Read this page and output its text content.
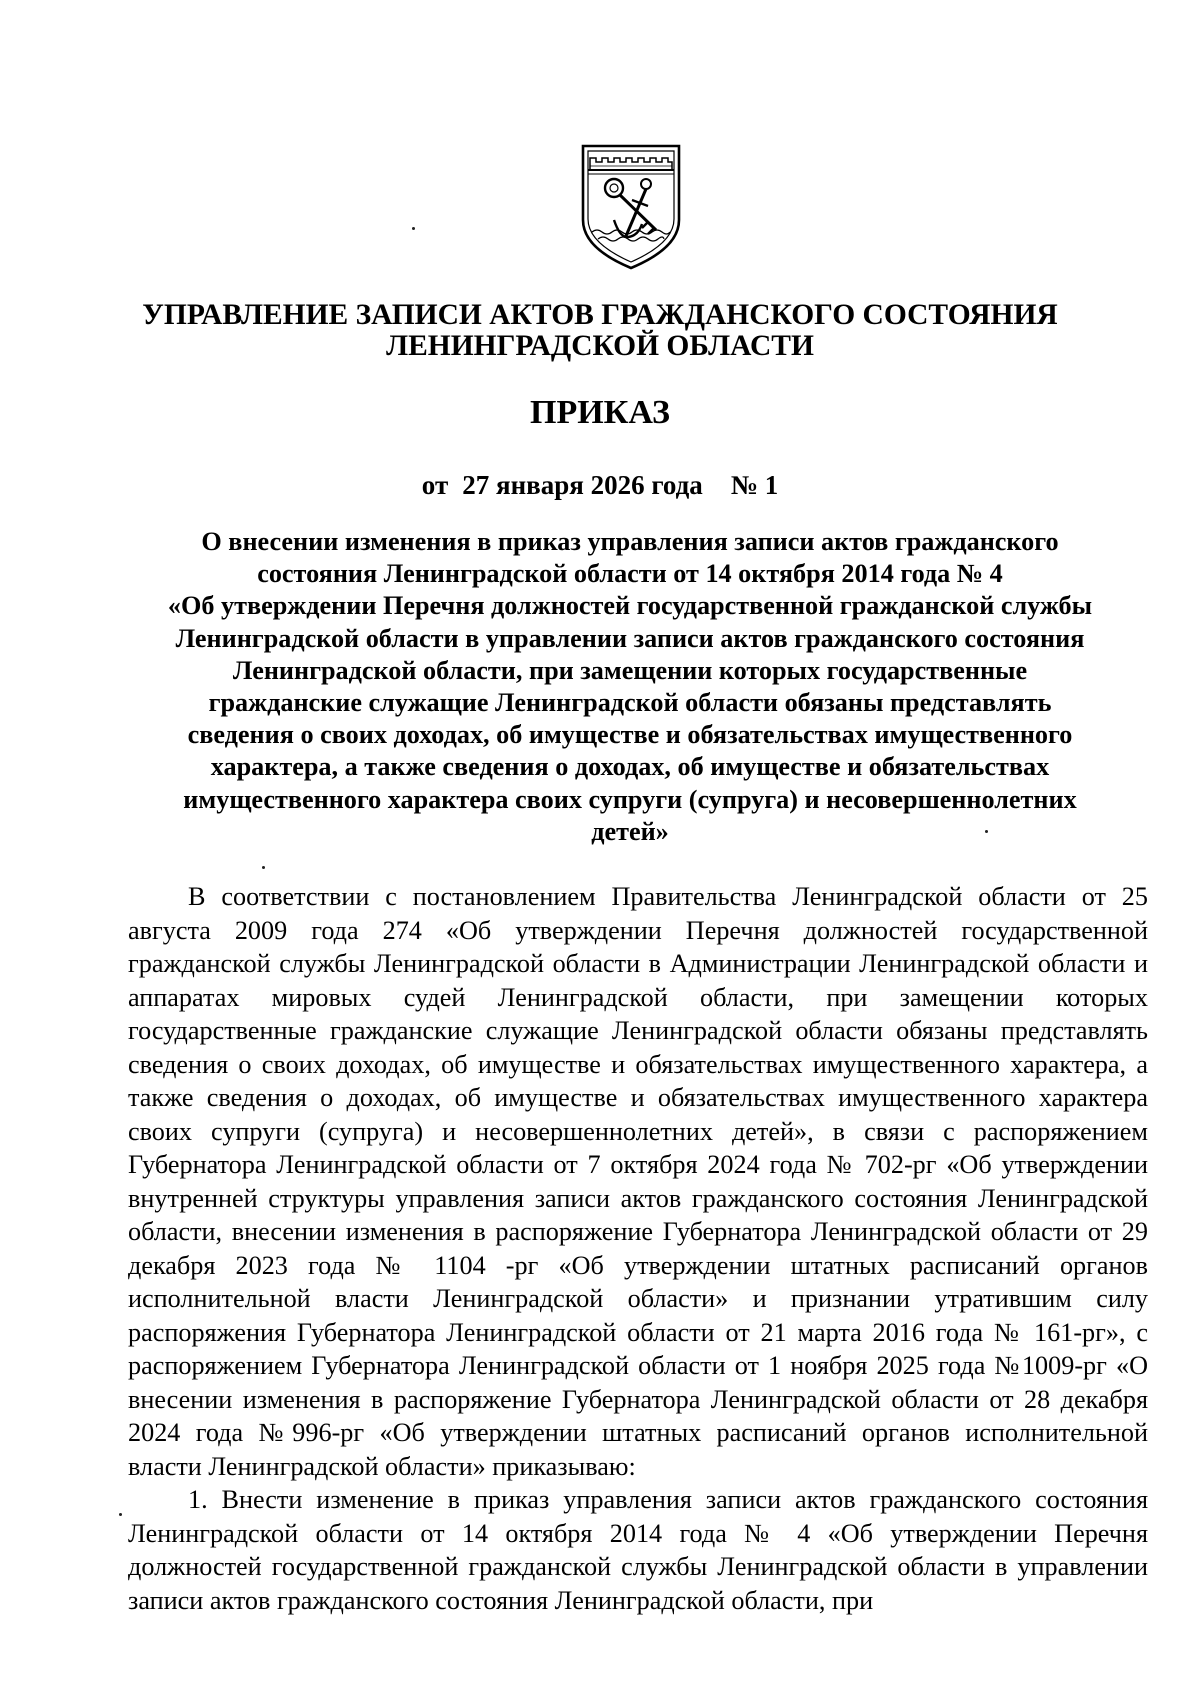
УПРАВЛЕНИЕ ЗАПИСИ АКТОВ ГРАЖДАНСКОГО СОСТОЯНИЯ
ЛЕНИНГРАДСКОЙ ОБЛАСТИ
ПРИКАЗ
от 27 января 2026 года № 1
О внесении изменения в приказ управления записи актов гражданского
состояния Ленинградской области от 14 октября 2014 года № 4
«Об утверждении Перечня должностей государственной гражданской службы
Ленинградской области в управлении записи актов гражданского состояния
Ленинградской области, при замещении которых государственные
гражданские служащие Ленинградской области обязаны представлять
сведения о своих доходах, об имуществе и обязательствах имущественного
характера, а также сведения о доходах, об имуществе и обязательствах
имущественного характера своих супруги (супруга) и несовершеннолетних
детей»

В соответствии с постановлением Правительства Ленинградской области от 25 августа 2009 года 274 «Об утверждении Перечня должностей государственной гражданской службы Ленинградской области в Администрации Ленинградской области и аппаратах мировых судей Ленинградской области, при замещении которых государственные гражданские служащие Ленинградской области обязаны представлять сведения о своих доходах, об имуществе и обязательствах имущественного характера, а также сведения о доходах, об имуществе и обязательствах имущественного характера своих супруги (супруга) и несовершеннолетних детей», в связи с распоряжением Губернатора Ленинградской области от 7 октября 2024 года № 702-рг «Об утверждении внутренней структуры управления записи актов гражданского состояния Ленинградской области, внесении изменения в распоряжение Губернатора Ленинградской области от 29 декабря 2023 года № 1104 -рг «Об утверждении штатных расписаний органов исполнительной власти Ленинградской области» и признании утратившим силу распоряжения Губернатора Ленинградской области от 21 марта 2016 года № 161-рг», с распоряжением Губернатора Ленинградской области от 1 ноября 2025 года №1009-рг «О внесении изменения в распоряжение Губернатора Ленинградской области от 28 декабря 2024 года №996-рг «Об утверждении штатных расписаний органов исполнительной власти Ленинградской области» приказываю:

1. Внести изменение в приказ управления записи актов гражданского состояния Ленинградской области от 14 октября 2014 года № 4 «Об утверждении Перечня должностей государственной гражданской службы Ленинградской области в управлении записи актов гражданского состояния Ленинградской области, при
